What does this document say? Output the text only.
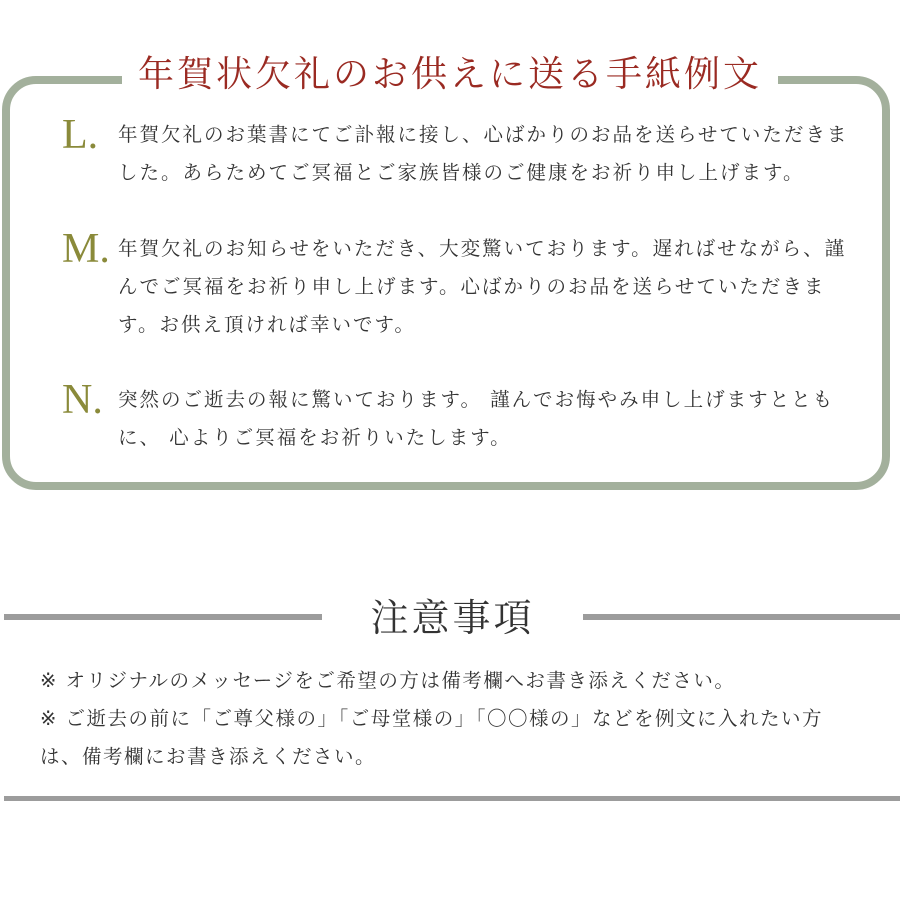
年賀状欠礼のお供えに送る手紙例文
L. 年賀欠礼のお葉書にてご訃報に接し、心ばかりのお品を送らせていただきました。あらためてご冥福とご家族皆様のご健康をお祈り申し上げます。
M. 年賀欠礼のお知らせをいただき、大変驚いております。遅ればせながら、謹んでご冥福をお祈り申し上げます。心ばかりのお品を送らせていただきます。お供え頂ければ幸いです。
N. 突然のご逝去の報に驚いております。 謹んでお悔やみ申し上げますとともに、 心よりご冥福をお祈りいたします。
注意事項
※ オリジナルのメッセージをご希望の方は備考欄へお書き添えください。
※ ご逝去の前に「ご尊父様の」「ご母堂様の」「〇〇様の」などを例文に入れたい方は、備考欄にお書き添えください。
